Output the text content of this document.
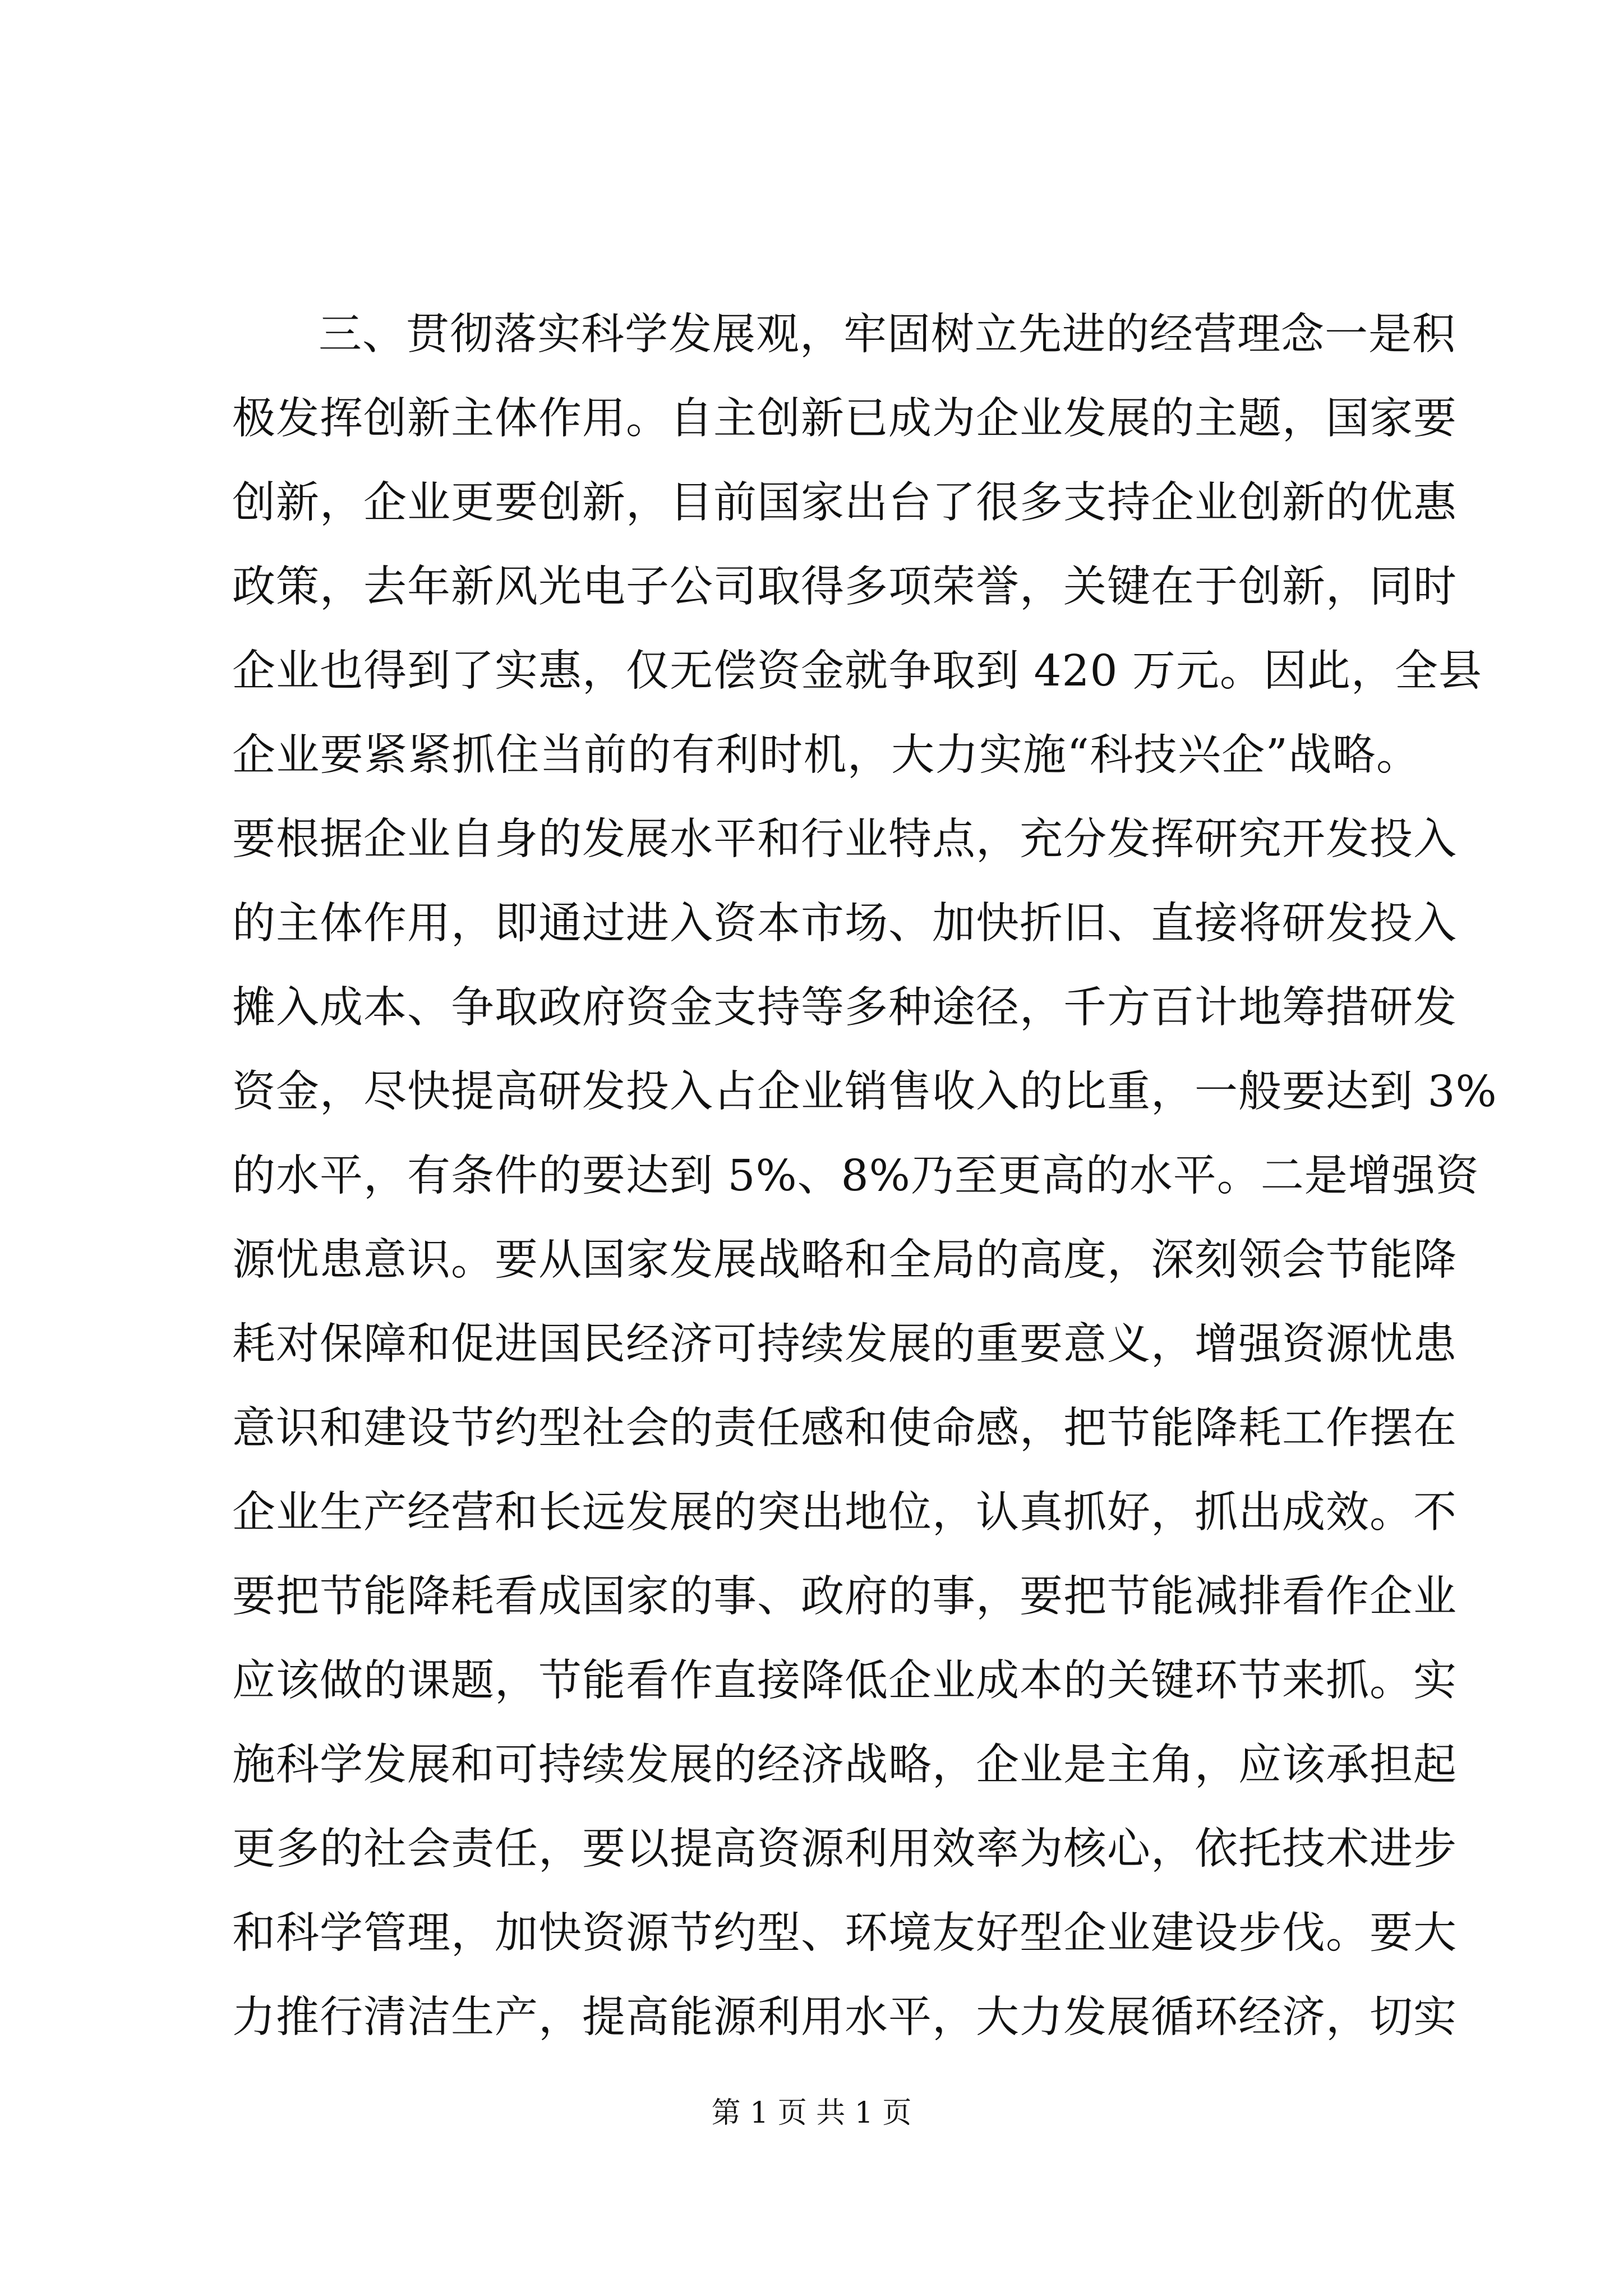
三、贯彻落实科学发展观，牢固树立先进的经营理念一是积
极发挥创新主体作用。自主创新已成为企业发展的主题，国家要
创新，企业更要创新，目前国家出台了很多支持企业创新的优惠
政策，去年新风光电子公司取得多项荣誉，关键在于创新，同时
企业也得到了实惠，仅无偿资金就争取到 420 万元。因此，全县
企业要紧紧抓住当前的有利时机，大力实施“科技兴企”战略。
要根据企业自身的发展水平和行业特点，充分发挥研究开发投入
的主体作用，即通过进入资本市场、加快折旧、直接将研发投入
摊入成本、争取政府资金支持等多种途径，千方百计地筹措研发
资金，尽快提高研发投入占企业销售收入的比重，一般要达到 3%
的水平，有条件的要达到 5%、8%乃至更高的水平。二是增强资
源忧患意识。要从国家发展战略和全局的高度，深刻领会节能降
耗对保障和促进国民经济可持续发展的重要意义，增强资源忧患
意识和建设节约型社会的责任感和使命感，把节能降耗工作摆在
企业生产经营和长远发展的突出地位，认真抓好，抓出成效。不
要把节能降耗看成国家的事、政府的事，要把节能减排看作企业
应该做的课题，节能看作直接降低企业成本的关键环节来抓。实
施科学发展和可持续发展的经济战略，企业是主角，应该承担起
更多的社会责任，要以提高资源利用效率为核心，依托技术进步
和科学管理，加快资源节约型、环境友好型企业建设步伐。要大
力推行清洁生产，提高能源利用水平，大力发展循环经济，切实
第 1 页 共 1 页
